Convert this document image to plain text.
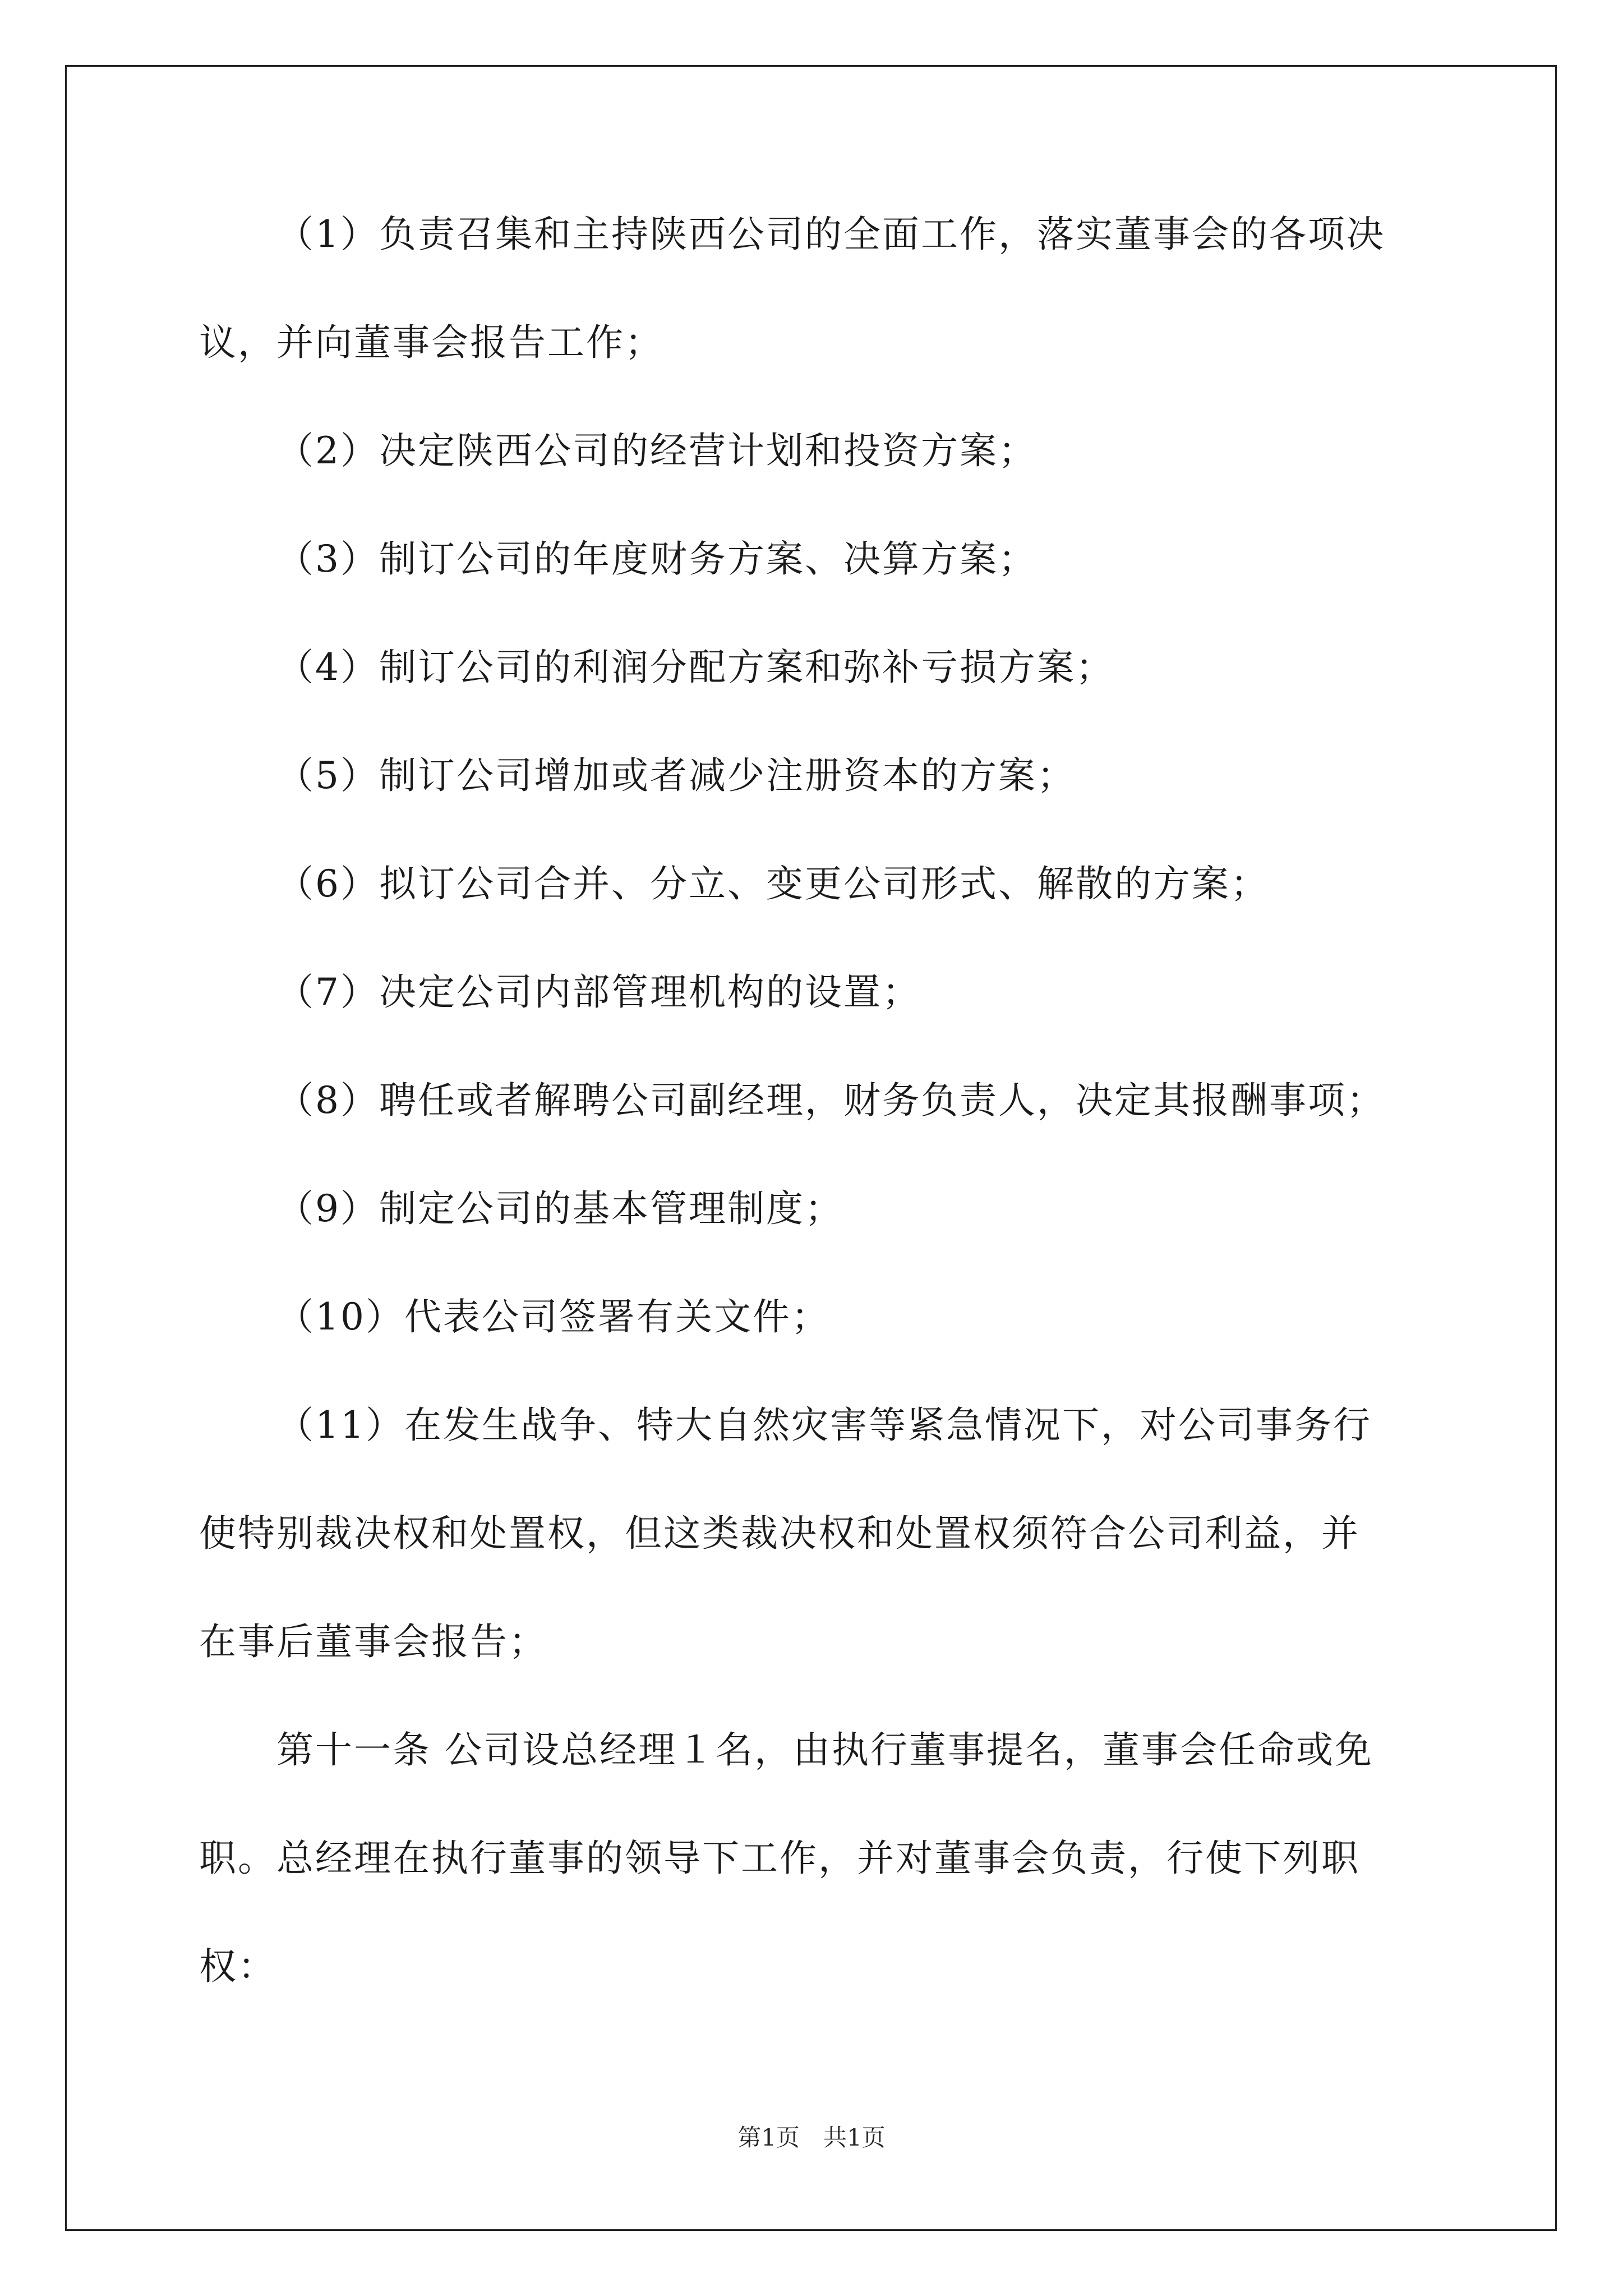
（1）负责召集和主持陕西公司的全面工作，落实董事会的各项决
议，并向董事会报告工作；
（2）决定陕西公司的经营计划和投资方案；
（3）制订公司的年度财务方案、决算方案；
（4）制订公司的利润分配方案和弥补亏损方案；
（5）制订公司增加或者减少注册资本的方案；
（6）拟订公司合并、分立、变更公司形式、解散的方案；
（7）决定公司内部管理机构的设置；
（8）聘任或者解聘公司副经理，财务负责人，决定其报酬事项；
（9）制定公司的基本管理制度；
（10）代表公司签署有关文件；
（11）在发生战争、特大自然灾害等紧急情况下，对公司事务行
使特别裁决权和处置权，但这类裁决权和处置权须符合公司利益，并
在事后董事会报告；
第十一条 公司设总经理１名，由执行董事提名，董事会任命或免
职。总经理在执行董事的领导下工作，并对董事会负责，行使下列职
权：
第1页　共1页
